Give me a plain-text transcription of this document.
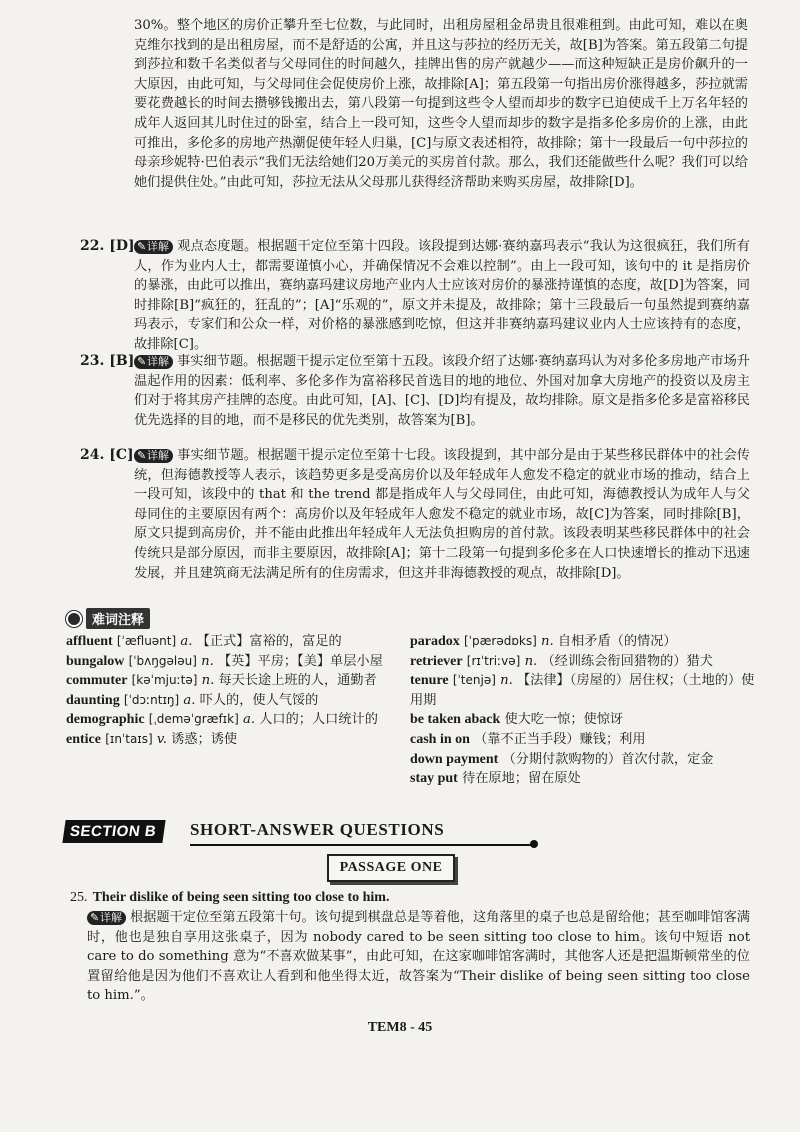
30%。整个地区的房价正攀升至七位数，与此同时，出租房屋租金昂贵且很难租到。由此可知，难以在奥克维尔找到的是出租房屋，而不是舒适的公寓，并且这与莎拉的经历无关，故[B]为答案。第五段第二句提到莎拉和数千名类似者与父母同住的时间越久，挂牌出售的房产就越少——而这种短缺正是房价飙升的一大原因，由此可知，与父母同住会促使房价上涨，故排除[A]；第五段第一句指出房价涨得越多，莎拉就需要花费越长的时间去攒够钱搬出去，第八段第一句提到这些令人望而却步的数字已迫使成千上万名年轻的成年人返回其儿时住过的卧室，结合上一段可知，这些令人望而却步的数字是指多伦多房价的上涨，由此可推出，多伦多的房地产热潮促使年轻人归巢，[C]与原文表述相符，故排除；第十一段最后一句中莎拉的母亲珍妮特·巴伯表示“我们无法给她们20万美元的买房首付款。那么，我们还能做些什么呢？我们可以给她们提供住处。”由此可知，莎拉无法从父母那儿获得经济帮助来购买房屋，故排除[D]。

22. [D] ✎详解 观点态度题。根据题干定位至第十四段。该段提到达娜·赛纳嘉玛表示“我认为这很疯狂，我们所有人，作为业内人士，都需要谨慎小心，并确保情况不会难以控制”。由上一段可知，该句中的 it 是指房价的暴涨，由此可以推出，赛纳嘉玛建议房地产业内人士应该对房价的暴涨持谨慎的态度，故[D]为答案，同时排除[B]“疯狂的，狂乱的”；[A]“乐观的”，原文并未提及，故排除；第十三段最后一句虽然提到赛纳嘉玛表示，专家们和公众一样，对价格的暴涨感到吃惊，但这并非赛纳嘉玛建议业内人士应该持有的态度，故排除[C]。

23. [B] ✎详解 事实细节题。根据题干提示定位至第十五段。该段介绍了达娜·赛纳嘉玛认为对多伦多房地产市场升温起作用的因素：低利率、多伦多作为富裕移民首选目的地的地位、外国对加拿大房地产的投资以及房主们对于将其房产挂牌的态度。由此可知，[A]、[C]、[D]均有提及，故均排除。原文是指多伦多是富裕移民优先选择的目的地，而不是移民的优先类别，故答案为[B]。

24. [C] ✎详解 事实细节题。根据题干提示定位至第十七段。该段提到，其中部分是由于某些移民群体中的社会传统，但海德教授等人表示，该趋势更多是受高房价以及年轻成年人愈发不稳定的就业市场的推动，结合上一段可知，该段中的 that 和 the trend 都是指成年人与父母同住，由此可知，海德教授认为成年人与父母同住的主要原因有两个：高房价以及年轻成年人愈发不稳定的就业市场，故[C]为答案，同时排除[B]，原文只提到高房价，并不能由此推出年轻成年人无法负担购房的首付款。该段表明某些移民群体中的社会传统只是部分原因，而非主要原因，故排除[A]；第十二段第一句提到多伦多在人口快速增长的推动下迅速发展，并且建筑商无法满足所有的住房需求，但这并非海德教授的观点，故排除[D]。

难词注释

affluent [ˈæfluənt] a. 【正式】富裕的，富足的

bungalow [ˈbʌŋgələu] n. 【英】平房；【美】单层小屋

commuter [kəˈmjuːtə] n. 每天长途上班的人，通勤者

daunting [ˈdɔːntɪŋ] a. 吓人的，使人气馁的

demographic [ˌdeməˈgræfɪk] a. 人口的；人口统计的

entice [ɪnˈtaɪs] v. 诱惑；诱使

paradox [ˈpærədɒks] n. 自相矛盾（的情况）

retriever [rɪˈtriːvə] n. （经训练会衔回猎物的）猎犬

tenure [ˈtenjə] n. 【法律】（房屋的）居住权；（土地的）使用期

be taken aback 使大吃一惊；使惊讶

cash in on （靠不正当手段）赚钱；利用

down payment （分期付款购物的）首次付款，定金

stay put 待在原地；留在原处

SECTION B	SHORT-ANSWER QUESTIONS
PASSAGE ONE
25. Their dislike of being seen sitting too close to him.

✎详解 根据题干定位至第五段第十句。该句提到棋盘总是等着他，这角落里的桌子也总是留给他；甚至咖啡馆客满时，他也是独自享用这张桌子，因为 nobody cared to be seen sitting too close to him。该句中短语 not care to do something 意为“不喜欢做某事”，由此可知，在这家咖啡馆客满时，其他客人还是把温斯顿常坐的位置留给他是因为他们不喜欢让人看到和他坐得太近，故答案为“Their dislike of being seen sitting too close to him.”。

TEM8 - 45
